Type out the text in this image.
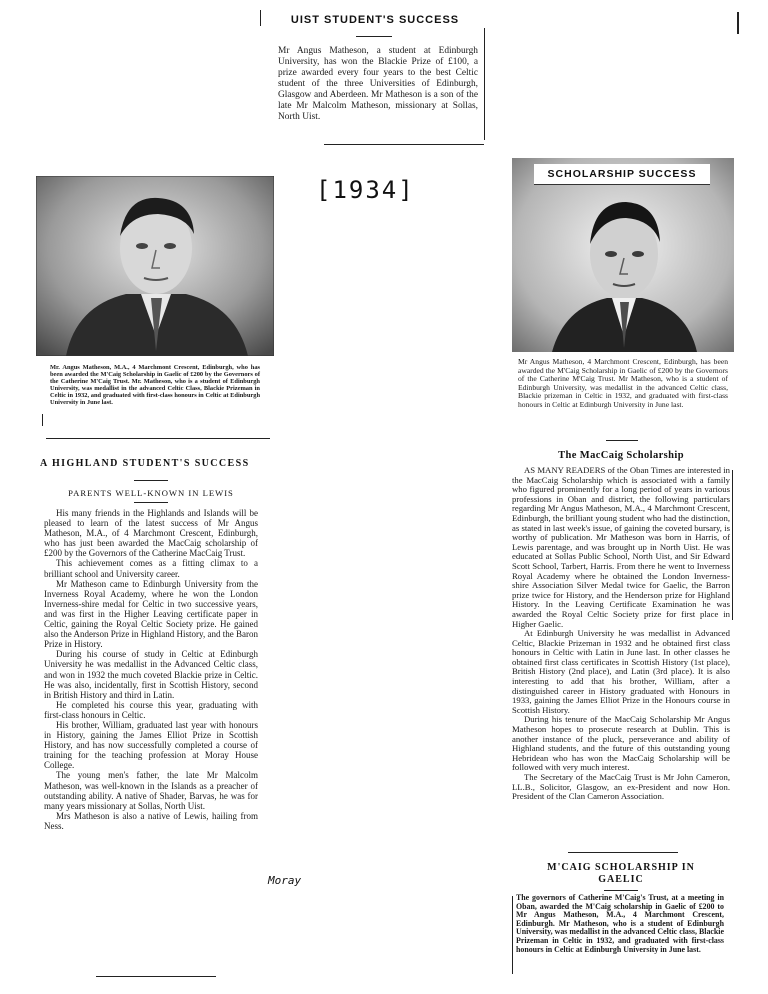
UIST STUDENT'S SUCCESS

Mr Angus Matheson, a student at Edinburgh University, has won the Blackie Prize of £100, a prize awarded every four years to the best Celtic student of the three Universities of Edinburgh, Glasgow and Aberdeen. Mr Matheson is a son of the late Mr Malcolm Matheson, missionary at Sollas, North Uist.

[1934]

Mr. Angus Matheson, M.A., 4 Marchmont Crescent, Edinburgh, who has been awarded the M'Caig Scholarship in Gaelic of £200 by the Governors of the Catherine M'Caig Trust. Mr. Matheson, who is a student of Edinburgh University, was medallist in the advanced Celtic Class, Blackie Prizeman in Celtic in 1932, and graduated with first-class honours in Celtic at Edinburgh University in June last.

SCHOLARSHIP SUCCESS

Mr Angus Matheson, 4 Marchmont Crescent, Edinburgh, has been awarded the M'Caig Scholarship in Gaelic of £200 by the Governors of the Catherine M'Caig Trust. Mr Matheson, who is a student of Edinburgh University, was medallist in the advanced Celtic class, Blackie prizeman in Celtic in 1932, and graduated with first-class honours in Celtic at Edinburgh University in June last.

A HIGHLAND STUDENT'S SUCCESS
PARENTS WELL-KNOWN IN LEWIS

His many friends in the Highlands and Islands will be pleased to learn of the latest success of Mr Angus Matheson, M.A., of 4 Marchmont Crescent, Edinburgh, who has just been awarded the MacCaig scholarship of £200 by the Governors of the Catherine MacCaig Trust.

This achievement comes as a fitting climax to a brilliant school and University career.

Mr Matheson came to Edinburgh University from the Inverness Royal Academy, where he won the London Inverness-shire medal for Celtic in two successive years, and was first in the Higher Leaving certificate paper in Celtic, gaining the Royal Celtic Society prize. He gained also the Anderson Prize in Highland History, and the Baron Prize in History.

During his course of study in Celtic at Edinburgh University he was medallist in the Advanced Celtic class, and won in 1932 the much coveted Blackie prize in Celtic. He was also, incidentally, first in Scottish History, second in British History and third in Latin.

He completed his course this year, graduating with first-class honours in Celtic.

His brother, William, graduated last year with honours in History, gaining the James Elliot Prize in Scottish History, and has now successfully completed a course of training for the teaching profession at Moray House College.

The young men's father, the late Mr Malcolm Matheson, was well-known in the Islands as a preacher of outstanding ability. A native of Shader, Barvas, he was for many years missionary at Sollas, North Uist.

Mrs Matheson is also a native of Lewis, hailing from Ness.

Moray
The MacCaig Scholarship

AS MANY READERS of the Oban Times are interested in the MacCaig Scholarship which is associated with a family who figured prominently for a long period of years in various professions in Oban and district, the following particulars regarding Mr Angus Matheson, M.A., 4 Marchmont Crescent, Edinburgh, the brilliant young student who had the distinction, as stated in last week's issue, of gaining the coveted bursary, is worthy of publication. Mr Matheson was born in Harris, of Lewis parentage, and was brought up in North Uist. He was educated at Sollas Public School, North Uist, and Sir Edward Scott School, Tarbert, Harris. From there he went to Inverness Royal Academy where he obtained the London Inverness-shire Association Silver Medal twice for Gaelic, the Barron prize twice for History, and the Henderson prize for Highland History. In the Leaving Certificate Examination he was awarded the Royal Celtic Society prize for first place in Higher Gaelic.

At Edinburgh University he was medallist in Advanced Celtic, Blackie Prizeman in 1932 and he obtained first class honours in Celtic with Latin in June last. In other classes he obtained first class certificates in Scottish History (1st place), British History (2nd place), and Latin (3rd place). It is also interesting to add that his brother, William, after a distinguished career in History graduated with Honours in 1933, gaining the James Elliot Prize in the Honours course in Scottish History.

During his tenure of the MacCaig Scholarship Mr Angus Matheson hopes to prosecute research at Dublin. This is another instance of the pluck, perseverance and ability of Highland students, and the future of this outstanding young Hebridean who has won the MacCaig Scholarship will be followed with very much interest.

The Secretary of the MacCaig Trust is Mr John Cameron, LL.B., Solicitor, Glasgow, an ex-President and now Hon. President of the Clan Cameron Association.

M'CAIG SCHOLARSHIP IN GAELIC

The governors of Catherine M'Caig's Trust, at a meeting in Oban, awarded the M'Caig scholarship in Gaelic of £200 to Mr Angus Matheson, M.A., 4 Marchmont Crescent, Edinburgh. Mr Matheson, who is a student of Edinburgh University, was medallist in the advanced Celtic class, Blackie Prizeman in Celtic in 1932, and graduated with first-class honours in Celtic at Edinburgh University in June last.
